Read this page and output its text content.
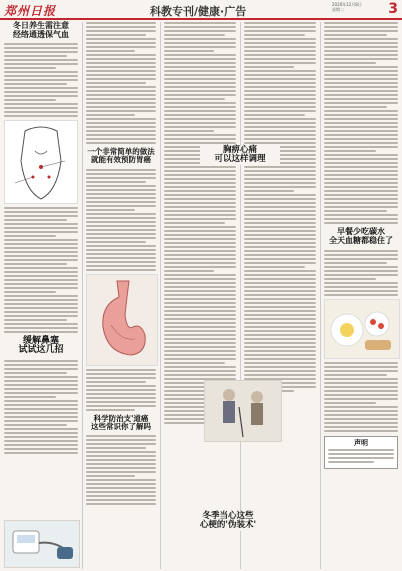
郑州日报	科教专刊/健康·广告
2020年12月8日
星期二	3
冬日养生需注意
经络通透保气血
缓解鼻塞
试试这几招
一个非常简单的做法
就能有效预防胃癌
科学防治支'道癌
这些常识你了解吗
胸痹心痛
可以这样调理
冬季当心这些
心梗的'伪装术'
早餐少吃碳水
全天血糖都稳住了
声明
